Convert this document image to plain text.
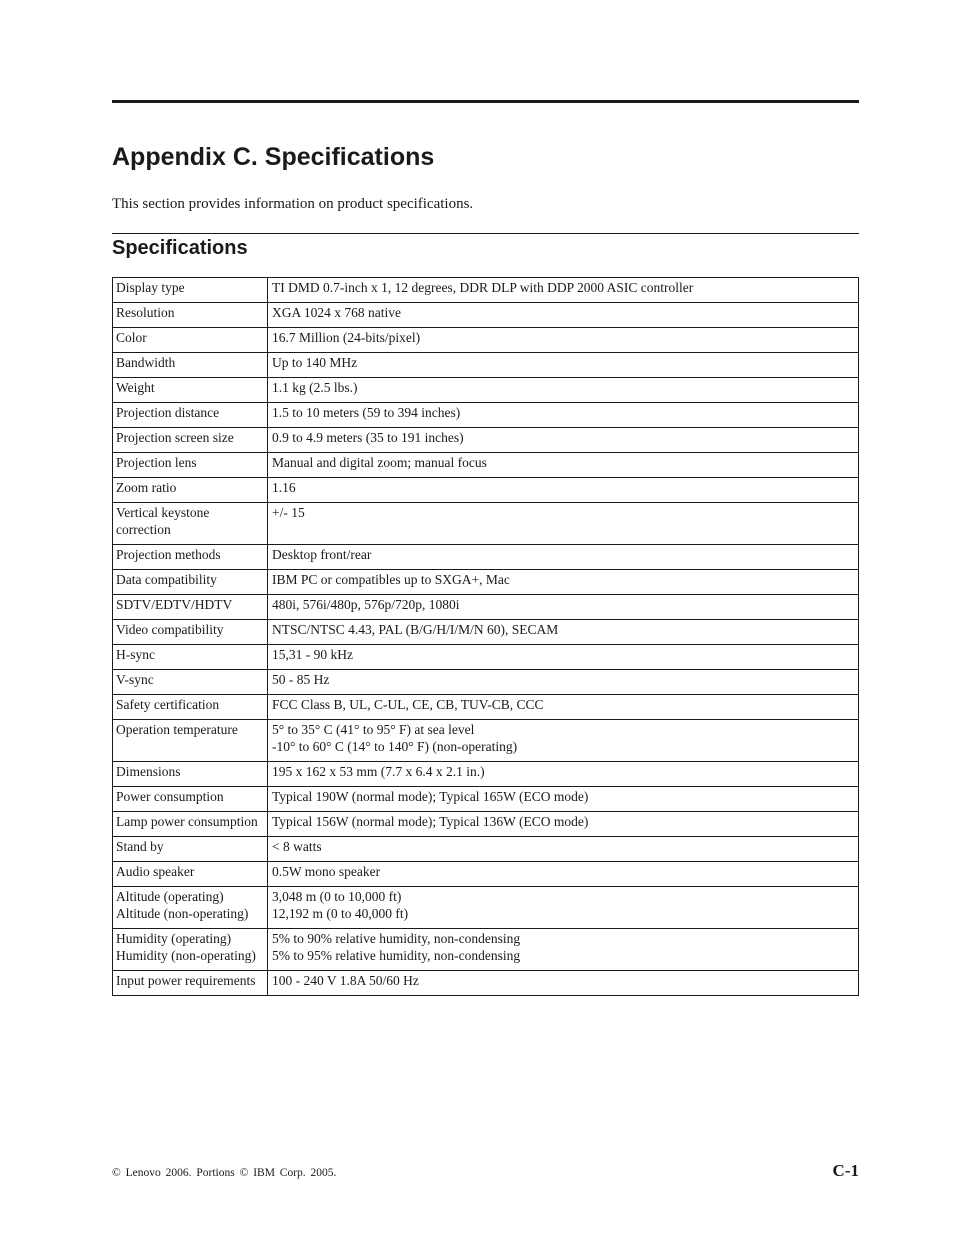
Appendix C. Specifications

This section provides information on product specifications.

Specifications
Display type	TI DMD 0.7-inch x 1, 12 degrees, DDR DLP with DDP 2000 ASIC controller

Resolution	XGA 1024 x 768 native

Color	16.7 Million (24-bits/pixel)

Bandwidth	Up to 140 MHz

Weight	1.1 kg (2.5 lbs.)

Projection distance	1.5 to 10 meters (59 to 394 inches)

Projection screen size	0.9 to 4.9 meters (35 to 191 inches)

Projection lens	Manual and digital zoom; manual focus

Zoom ratio	1.16

Vertical keystone correction	+/- 15

Projection methods	Desktop front/rear

Data compatibility	IBM PC or compatibles up to SXGA+, Mac

SDTV/EDTV/HDTV	480i, 576i/480p, 576p/720p, 1080i

Video compatibility	NTSC/NTSC 4.43, PAL (B/G/H/I/M/N 60), SECAM

H-sync	15,31 - 90 kHz

V-sync	50 - 85 Hz

Safety certification	FCC Class B, UL, C-UL, CE, CB, TUV-CB, CCC

Operation temperature	5° to 35° C (41° to 95° F) at sea level
-10° to 60° C (14° to 140° F) (non-operating)

Dimensions	195 x 162 x 53 mm (7.7 x 6.4 x 2.1 in.)

Power consumption	Typical 190W (normal mode); Typical 165W (ECO mode)

Lamp power consumption	Typical 156W (normal mode); Typical 136W (ECO mode)

Stand by	< 8 watts

Audio speaker	0.5W mono speaker

Altitude (operating) Altitude (non-operating)	3,048 m (0 to 10,000 ft)
12,192 m (0 to 40,000 ft)

Humidity (operating) Humidity (non-operating)	5% to 90% relative humidity, non-condensing
5% to 95% relative humidity, non-condensing

Input power requirements	100 - 240 V 1.8A 50/60 Hz
© Lenovo 2006. Portions © IBM Corp. 2005.	C-1
